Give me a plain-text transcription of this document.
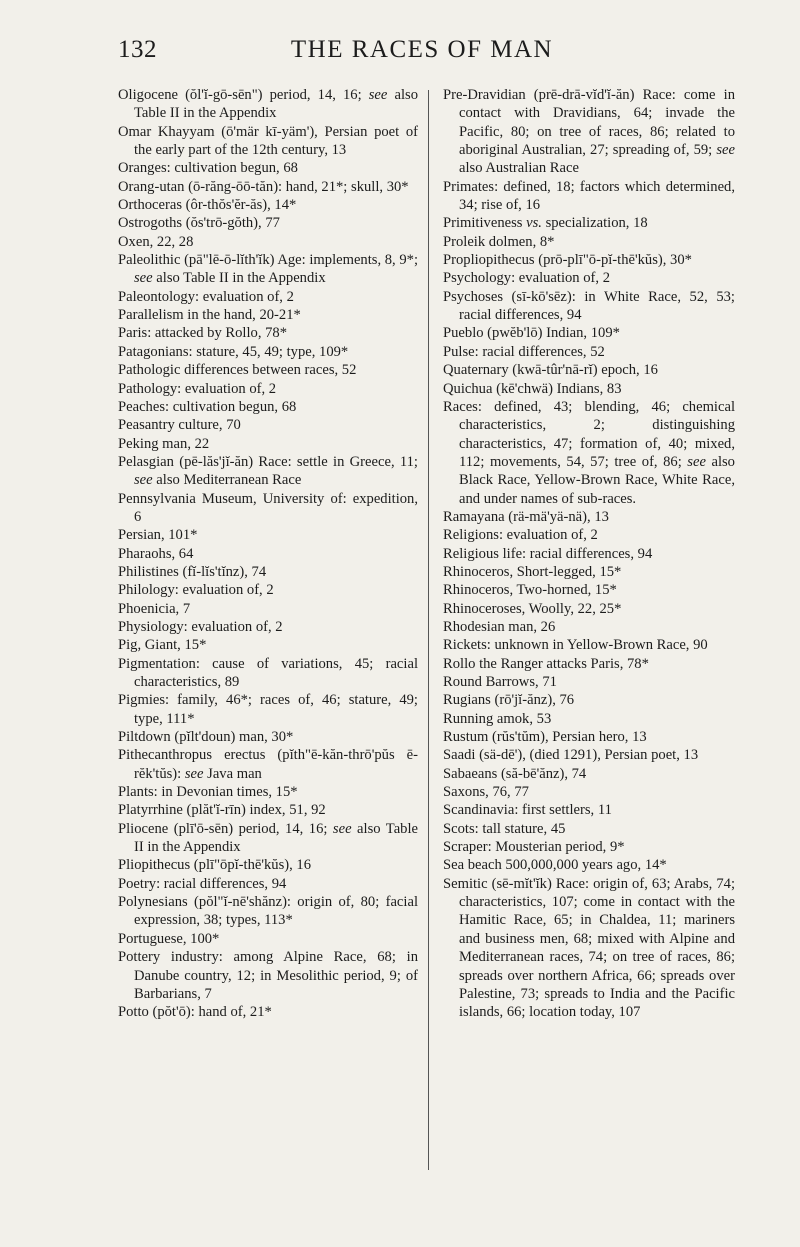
132	THE RACES OF MAN

Oligocene (ŏl'ĭ-gō-sēn") period, 14, 16; see also Table II in the Appendix

Omar Khayyam (ō'mär kī-yäm'), Persian poet of the early part of the 12th century, 13

Oranges: cultivation begun, 68

Orang-utan (ō-răng-ōō-tăn): hand, 21*; skull, 30*

Orthoceras (ôr-thŏs'ĕr-ăs), 14*

Ostrogoths (ŏs'trō-gŏth), 77

Oxen, 22, 28

Paleolithic (pā"lē-ō-lĭth'ĭk) Age: implements, 8, 9*; see also Table II in the Appendix

Paleontology: evaluation of, 2

Parallelism in the hand, 20-21*

Paris: attacked by Rollo, 78*

Patagonians: stature, 45, 49; type, 109*

Pathologic differences between races, 52

Pathology: evaluation of, 2

Peaches: cultivation begun, 68

Peasantry culture, 70

Peking man, 22

Pelasgian (pē-lăs'jĭ-ăn) Race: settle in Greece, 11; see also Mediterranean Race

Pennsylvania Museum, University of: expedition, 6

Persian, 101*

Pharaohs, 64

Philistines (fĭ-lĭs'tĭnz), 74

Philology: evaluation of, 2

Phoenicia, 7

Physiology: evaluation of, 2

Pig, Giant, 15*

Pigmentation: cause of variations, 45; racial characteristics, 89

Pigmies: family, 46*; races of, 46; stature, 49; type, 111*

Piltdown (pĭlt'doun) man, 30*

Pithecanthropus erectus (pĭth"ē-kăn-thrō'pŭs ē-rĕk'tŭs): see Java man

Plants: in Devonian times, 15*

Platyrrhine (plăt'ĭ-rīn) index, 51, 92

Pliocene (plī'ō-sēn) period, 14, 16; see also Table II in the Appendix

Pliopithecus (plī"ōpĭ-thē'kŭs), 16

Poetry: racial differences, 94

Polynesians (pŏl"ĭ-nē'shănz): origin of, 80; facial expression, 38; types, 113*

Portuguese, 100*

Pottery industry: among Alpine Race, 68; in Danube country, 12; in Mesolithic period, 9; of Barbarians, 7

Potto (pŏt'ō): hand of, 21*

Pre-Dravidian (prē-drā-vĭd'ĭ-ăn) Race: come in contact with Dravidians, 64; invade the Pacific, 80; on tree of races, 86; related to aboriginal Australian, 27; spreading of, 59; see also Australian Race

Primates: defined, 18; factors which determined, 34; rise of, 16

Primitiveness vs. specialization, 18

Proleik dolmen, 8*

Propliopithecus (prō-plī"ō-pĭ-thē'kŭs), 30*

Psychology: evaluation of, 2

Psychoses (sī-kō'sēz): in White Race, 52, 53; racial differences, 94

Pueblo (pwĕb'lō) Indian, 109*

Pulse: racial differences, 52

Quaternary (kwā-tûr'nā-rĭ) epoch, 16

Quichua (kē'chwä) Indians, 83

Races: defined, 43; blending, 46; chemical characteristics, 2; distinguishing characteristics, 47; formation of, 40; mixed, 112; movements, 54, 57; tree of, 86; see also Black Race, Yellow-Brown Race, White Race, and under names of sub-races.

Ramayana (rä-mä'yä-nä), 13

Religions: evaluation of, 2

Religious life: racial differences, 94

Rhinoceros, Short-legged, 15*

Rhinoceros, Two-horned, 15*

Rhinoceroses, Woolly, 22, 25*

Rhodesian man, 26

Rickets: unknown in Yellow-Brown Race, 90

Rollo the Ranger attacks Paris, 78*

Round Barrows, 71

Rugians (rō'jĭ-ănz), 76

Running amok, 53

Rustum (rŭs'tŭm), Persian hero, 13

Saadi (sä-dē'), (died 1291), Persian poet, 13

Sabaeans (să-bē'ănz), 74

Saxons, 76, 77

Scandinavia: first settlers, 11

Scots: tall stature, 45

Scraper: Mousterian period, 9*

Sea beach 500,000,000 years ago, 14*

Semitic (sē-mĭt'ĭk) Race: origin of, 63; Arabs, 74; characteristics, 107; come in contact with the Hamitic Race, 65; in Chaldea, 11; mariners and business men, 68; mixed with Alpine and Mediterranean races, 74; on tree of races, 86; spreads over northern Africa, 66; spreads over Palestine, 73; spreads to India and the Pacific islands, 66; location today, 107
